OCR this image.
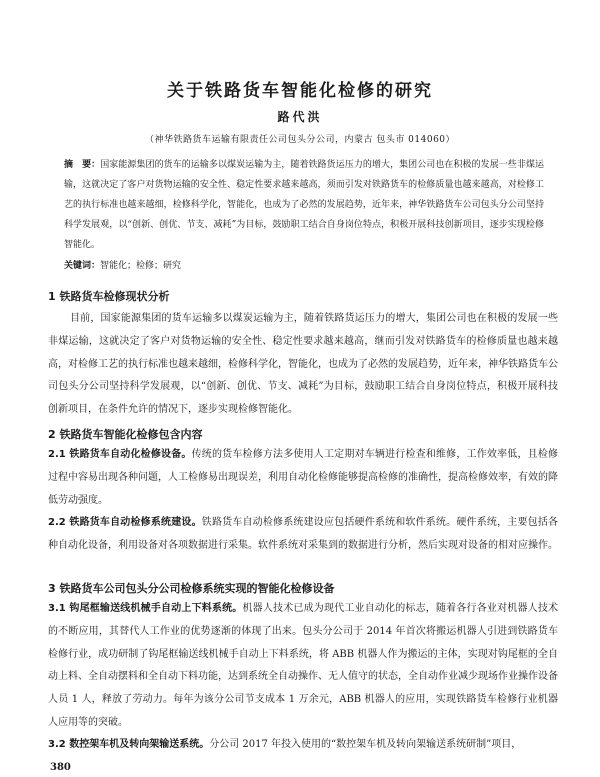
关于铁路货车智能化检修的研究
路代洪
（神华铁路货车运输有限责任公司包头分公司，内蒙古 包头市 014060）
摘　要：国家能源集团的货车的运输多以煤炭运输为主，随着铁路货运压力的增大，集团公司也在积极的发展一些非煤运输，这就决定了客户对货物运输的安全性、稳定性要求越来越高，须而引发对铁路货车的检修质量也越来越高，对检修工艺的执行标准也越来越细，检修科学化，智能化，也成为了必然的发展趋势，近年来，神华铁路货车公司包头分公司坚持科学发展观，以“创新、创优、节支、减耗”为目标，鼓励职工结合自身岗位特点，积极开展科技创新项目，逐步实现检修智能化。
关键词：智能化；检修；研究
1 铁路货车检修现状分析
目前，国家能源集团的货车运输多以煤炭运输为主，随着铁路货运压力的增大，集团公司也在积极的发展一些非煤运输，这就决定了客户对货物运输的安全性、稳定性要求越来越高，继而引发对铁路货车的检修质量也越来越高，对检修工艺的执行标准也越来越细，检修科学化，智能化，也成为了必然的发展趋势，近年来，神华铁路货车公司包头分公司坚持科学发展观，以“创新、创优、节支、减耗”为目标，鼓励职工结合自身岗位特点，积极开展科技创新项目，在条件允许的情况下，逐步实现检修智能化。
2 铁路货车智能化检修包含内容
2.1 铁路货车自动化检修设备。传统的货车检修方法多使用人工定期对车辆进行检查和维修，工作效率低，且检修过程中容易出现各种问题，人工检修易出现误差，利用自动化检修能够提高检修的准确性，提高检修效率，有效的降低劳动强度。
2.2 铁路货车自动检修系统建设。铁路货车自动检修系统建设应包括硬件系统和软件系统。硬件系统，主要包括各种自动化设备，利用设备对各项数据进行采集。软件系统对采集到的数据进行分析，然后实现对设备的相对应操作。
3 铁路货车公司包头分公司检修系统实现的智能化检修设备
3.1 钩尾框输送线机械手自动上下料系统。机器人技术已成为现代工业自动化的标志，随着各行各业对机器人技术的不断应用，其替代人工作业的优势逐渐的体现了出来。包头分公司于 2014 年首次将搬运机器人引进到铁路货车检修行业，成功研制了钩尾框输送线机械手自动上下料系统，将 ABB 机器人作为搬运的主体，实现对钩尾框的全自动上料、全自动摆料和全自动下料功能，达到系统全自动操作、无人值守的状态，全自动作业减少现场作业操作设备人员 1 人，释放了劳动力。每年为该分公司节支成本 1 万余元，ABB 机器人的应用，实现铁路货车检修行业机器人应用等的突破。
3.2 数控架车机及转向架输送系统。分公司 2017 年投入使用的“数控架车机及转向架输送系统研制”项目，
380
